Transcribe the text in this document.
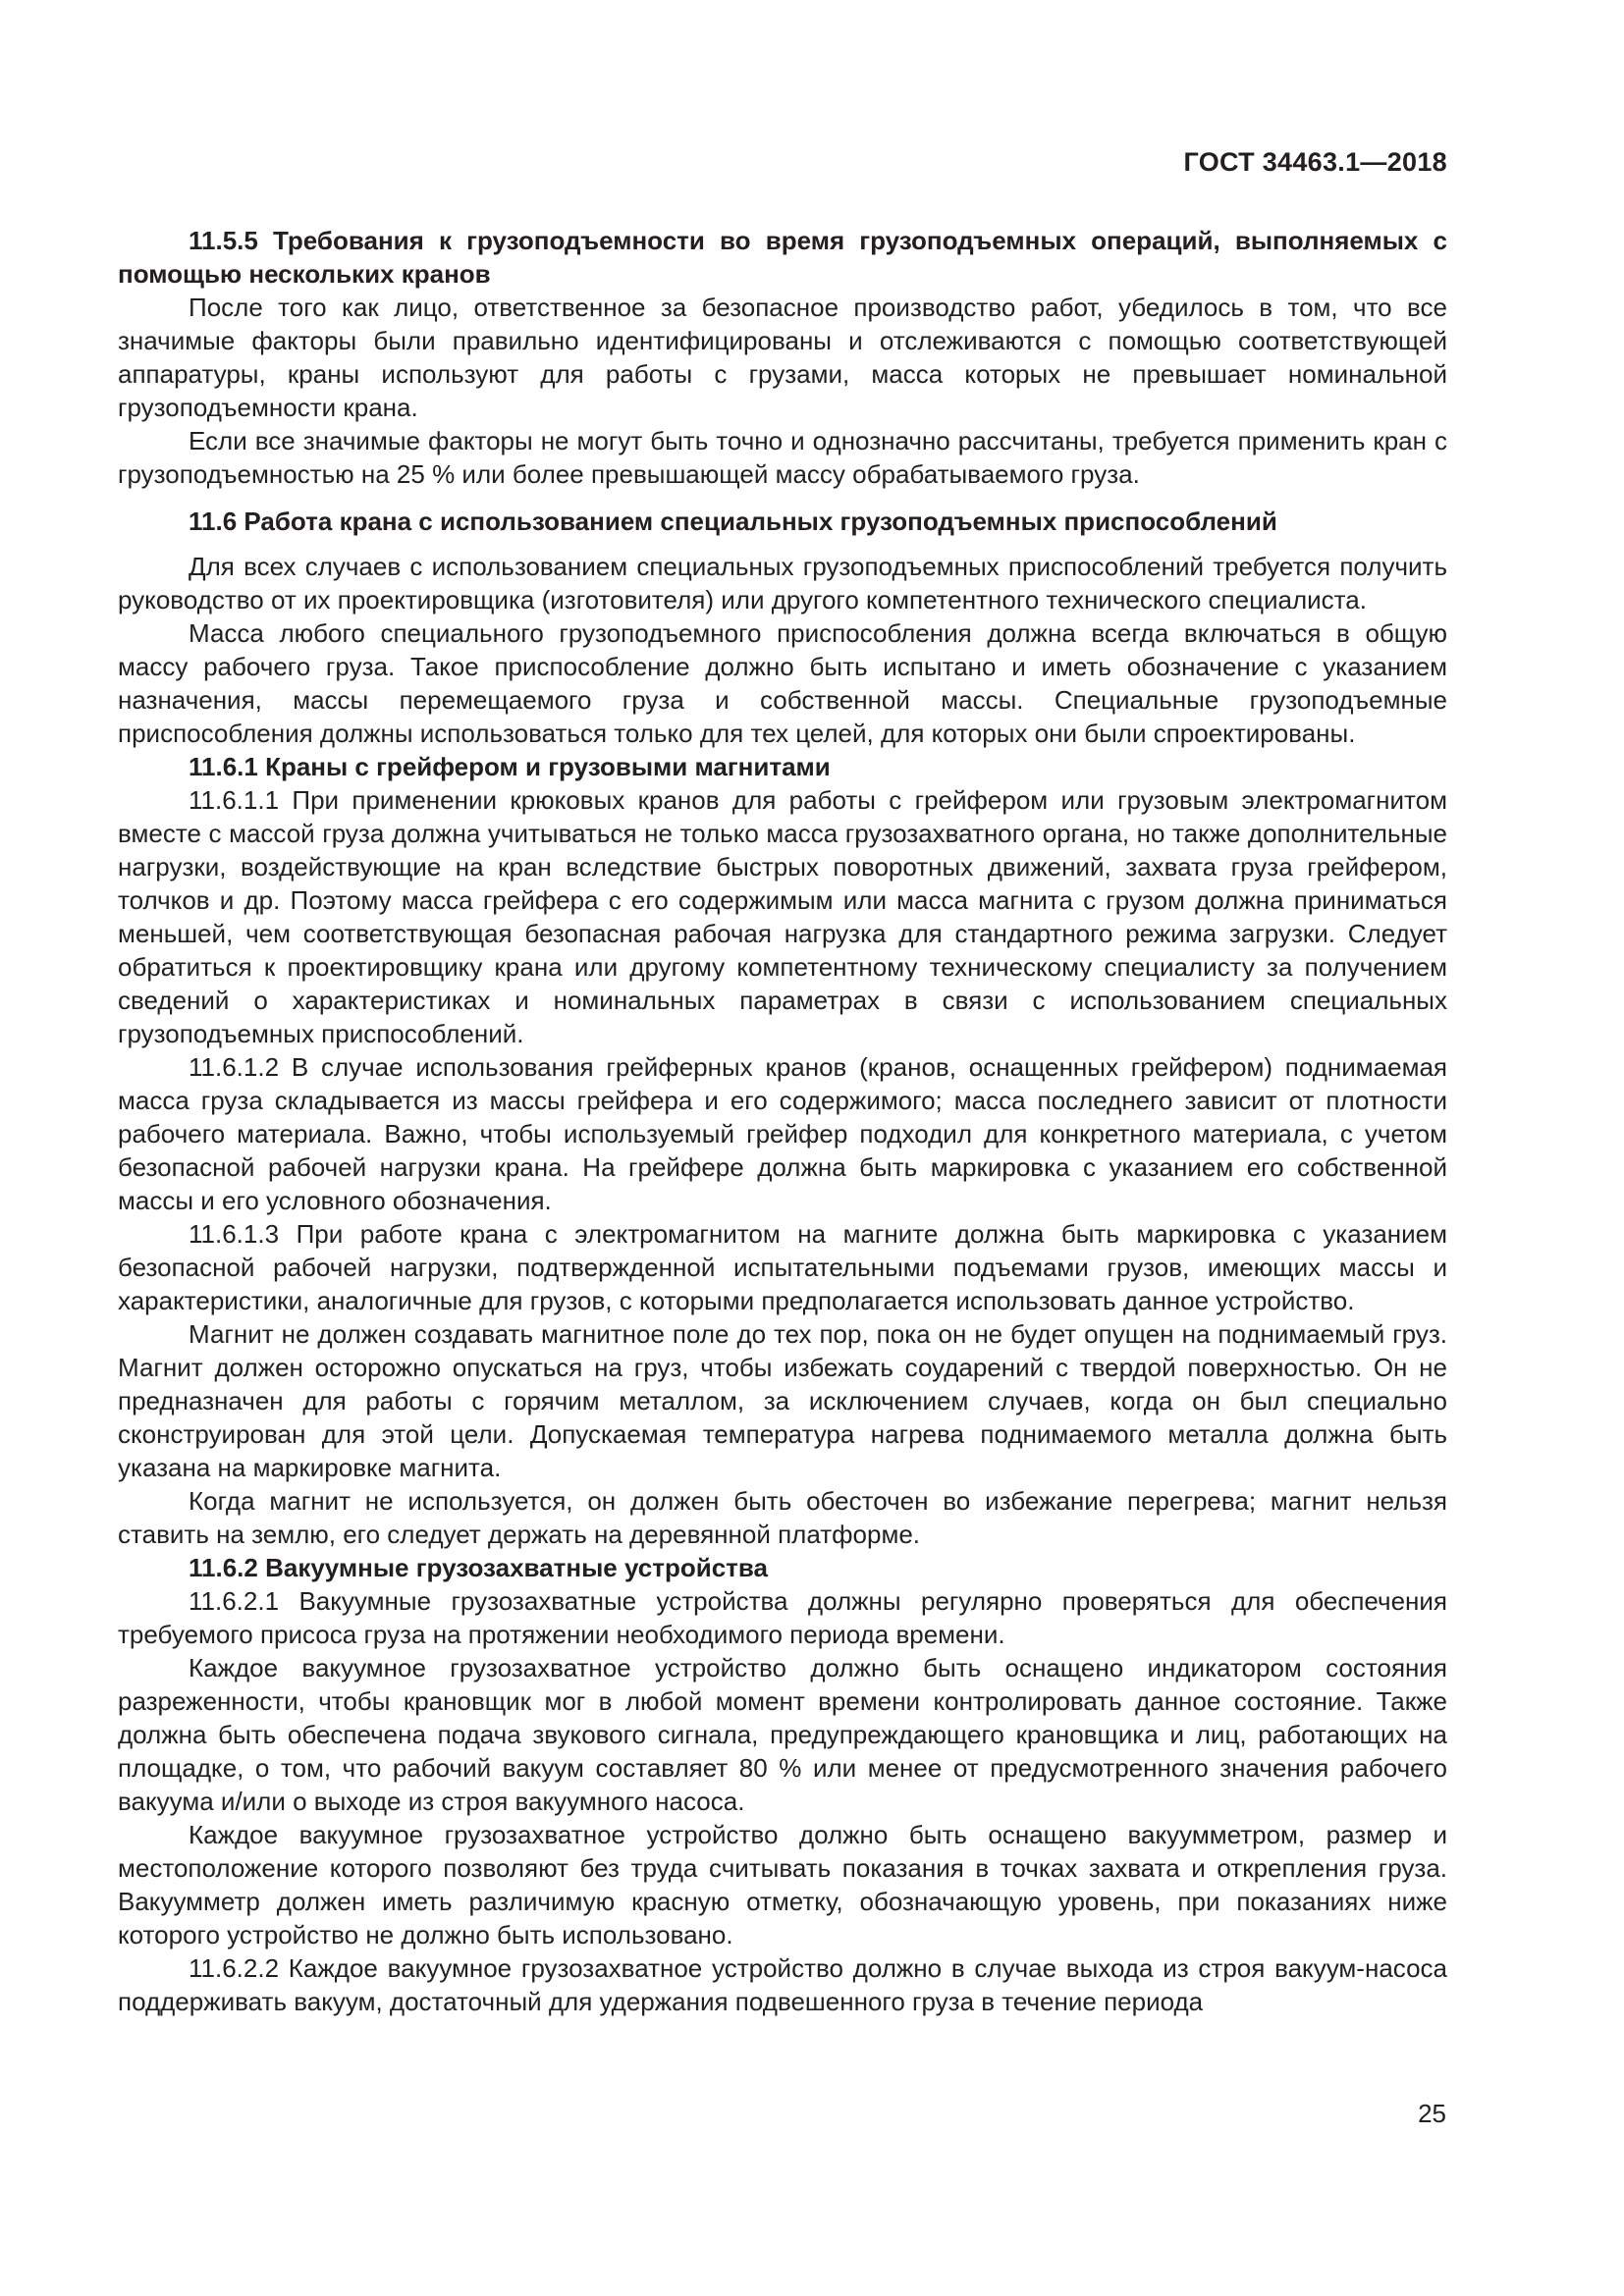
ГОСТ 34463.1—2018

11.5.5 Требования к грузоподъемности во время грузоподъемных операций, выполняемых с помощью нескольких кранов

После того как лицо, ответственное за безопасное производство работ, убедилось в том, что все значимые факторы были правильно идентифицированы и отслеживаются с помощью соответствующей аппаратуры, краны используют для работы с грузами, масса которых не превышает номинальной грузоподъемности крана.

Если все значимые факторы не могут быть точно и однозначно рассчитаны, требуется применить кран с грузоподъемностью на 25 % или более превышающей массу обрабатываемого груза.

11.6 Работа крана с использованием специальных грузоподъемных приспособлений

Для всех случаев с использованием специальных грузоподъемных приспособлений требуется получить руководство от их проектировщика (изготовителя) или другого компетентного технического специалиста.

Масса любого специального грузоподъемного приспособления должна всегда включаться в общую массу рабочего груза. Такое приспособление должно быть испытано и иметь обозначение с указанием назначения, массы перемещаемого груза и собственной массы. Специальные грузоподъемные приспособления должны использоваться только для тех целей, для которых они были спроектированы.

11.6.1 Краны с грейфером и грузовыми магнитами

11.6.1.1 При применении крюковых кранов для работы с грейфером или грузовым электромагнитом вместе с массой груза должна учитываться не только масса грузозахватного органа, но также дополнительные нагрузки, воздействующие на кран вследствие быстрых поворотных движений, захвата груза грейфером, толчков и др. Поэтому масса грейфера с его содержимым или масса магнита с грузом должна приниматься меньшей, чем соответствующая безопасная рабочая нагрузка для стандартного режима загрузки. Следует обратиться к проектировщику крана или другому компетентному техническому специалисту за получением сведений о характеристиках и номинальных параметрах в связи с использованием специальных грузоподъемных приспособлений.

11.6.1.2 В случае использования грейферных кранов (кранов, оснащенных грейфером) поднимаемая масса груза складывается из массы грейфера и его содержимого; масса последнего зависит от плотности рабочего материала. Важно, чтобы используемый грейфер подходил для конкретного материала, с учетом безопасной рабочей нагрузки крана. На грейфере должна быть маркировка с указанием его собственной массы и его условного обозначения.

11.6.1.3 При работе крана с электромагнитом на магните должна быть маркировка с указанием безопасной рабочей нагрузки, подтвержденной испытательными подъемами грузов, имеющих массы и характеристики, аналогичные для грузов, с которыми предполагается использовать данное устройство.

Магнит не должен создавать магнитное поле до тех пор, пока он не будет опущен на поднимаемый груз. Магнит должен осторожно опускаться на груз, чтобы избежать соударений с твердой поверхностью. Он не предназначен для работы с горячим металлом, за исключением случаев, когда он был специально сконструирован для этой цели. Допускаемая температура нагрева поднимаемого металла должна быть указана на маркировке магнита.

Когда магнит не используется, он должен быть обесточен во избежание перегрева; магнит нельзя ставить на землю, его следует держать на деревянной платформе.

11.6.2 Вакуумные грузозахватные устройства

11.6.2.1 Вакуумные грузозахватные устройства должны регулярно проверяться для обеспечения требуемого присоса груза на протяжении необходимого периода времени.

Каждое вакуумное грузозахватное устройство должно быть оснащено индикатором состояния разреженности, чтобы крановщик мог в любой момент времени контролировать данное состояние. Также должна быть обеспечена подача звукового сигнала, предупреждающего крановщика и лиц, работающих на площадке, о том, что рабочий вакуум составляет 80 % или менее от предусмотренного значения рабочего вакуума и/или о выходе из строя вакуумного насоса.

Каждое вакуумное грузозахватное устройство должно быть оснащено вакуумметром, размер и местоположение которого позволяют без труда считывать показания в точках захвата и открепления груза. Вакуумметр должен иметь различимую красную отметку, обозначающую уровень, при показаниях ниже которого устройство не должно быть использовано.

11.6.2.2 Каждое вакуумное грузозахватное устройство должно в случае выхода из строя вакуум-насоса поддерживать вакуум, достаточный для удержания подвешенного груза в течение периода

25
